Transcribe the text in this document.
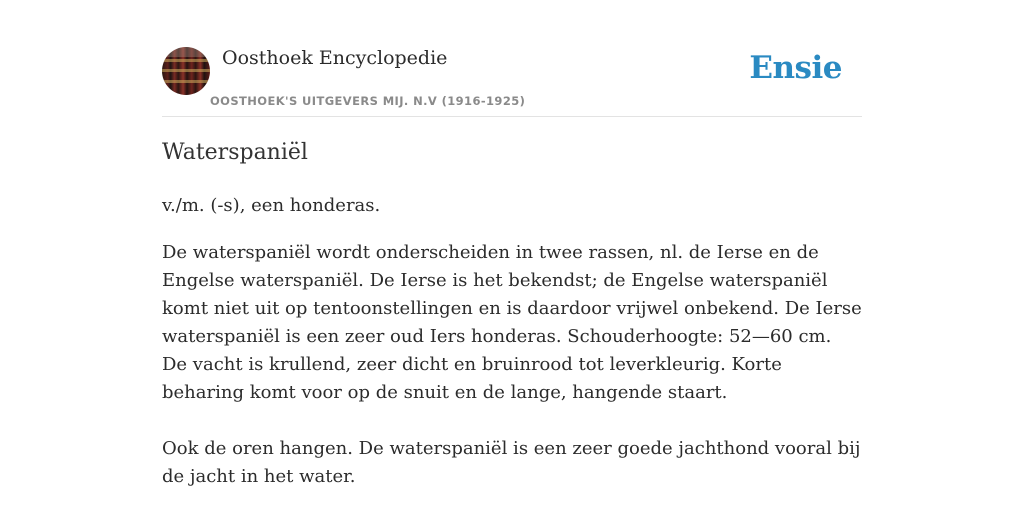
Oosthoek Encyclopedie
OOSTHOEK'S UITGEVERS MIJ. N.V (1916-1925)
Ensie
Waterspaniël

v./m. (-s), een honderas.

De waterspaniël wordt onderscheiden in twee rassen, nl. de Ierse en de Engelse waterspaniël. De Ierse is het bekendst; de Engelse waterspaniël komt niet uit op tentoonstellingen en is daardoor vrijwel onbekend. De Ierse waterspaniël is een zeer oud Iers honderas. Schouderhoogte: 52—60 cm. De vacht is krullend, zeer dicht en bruinrood tot leverkleurig. Korte beharing komt voor op de snuit en de lange, hangende staart.

Ook de oren hangen. De waterspaniël is een zeer goede jachthond vooral bij de jacht in het water.
